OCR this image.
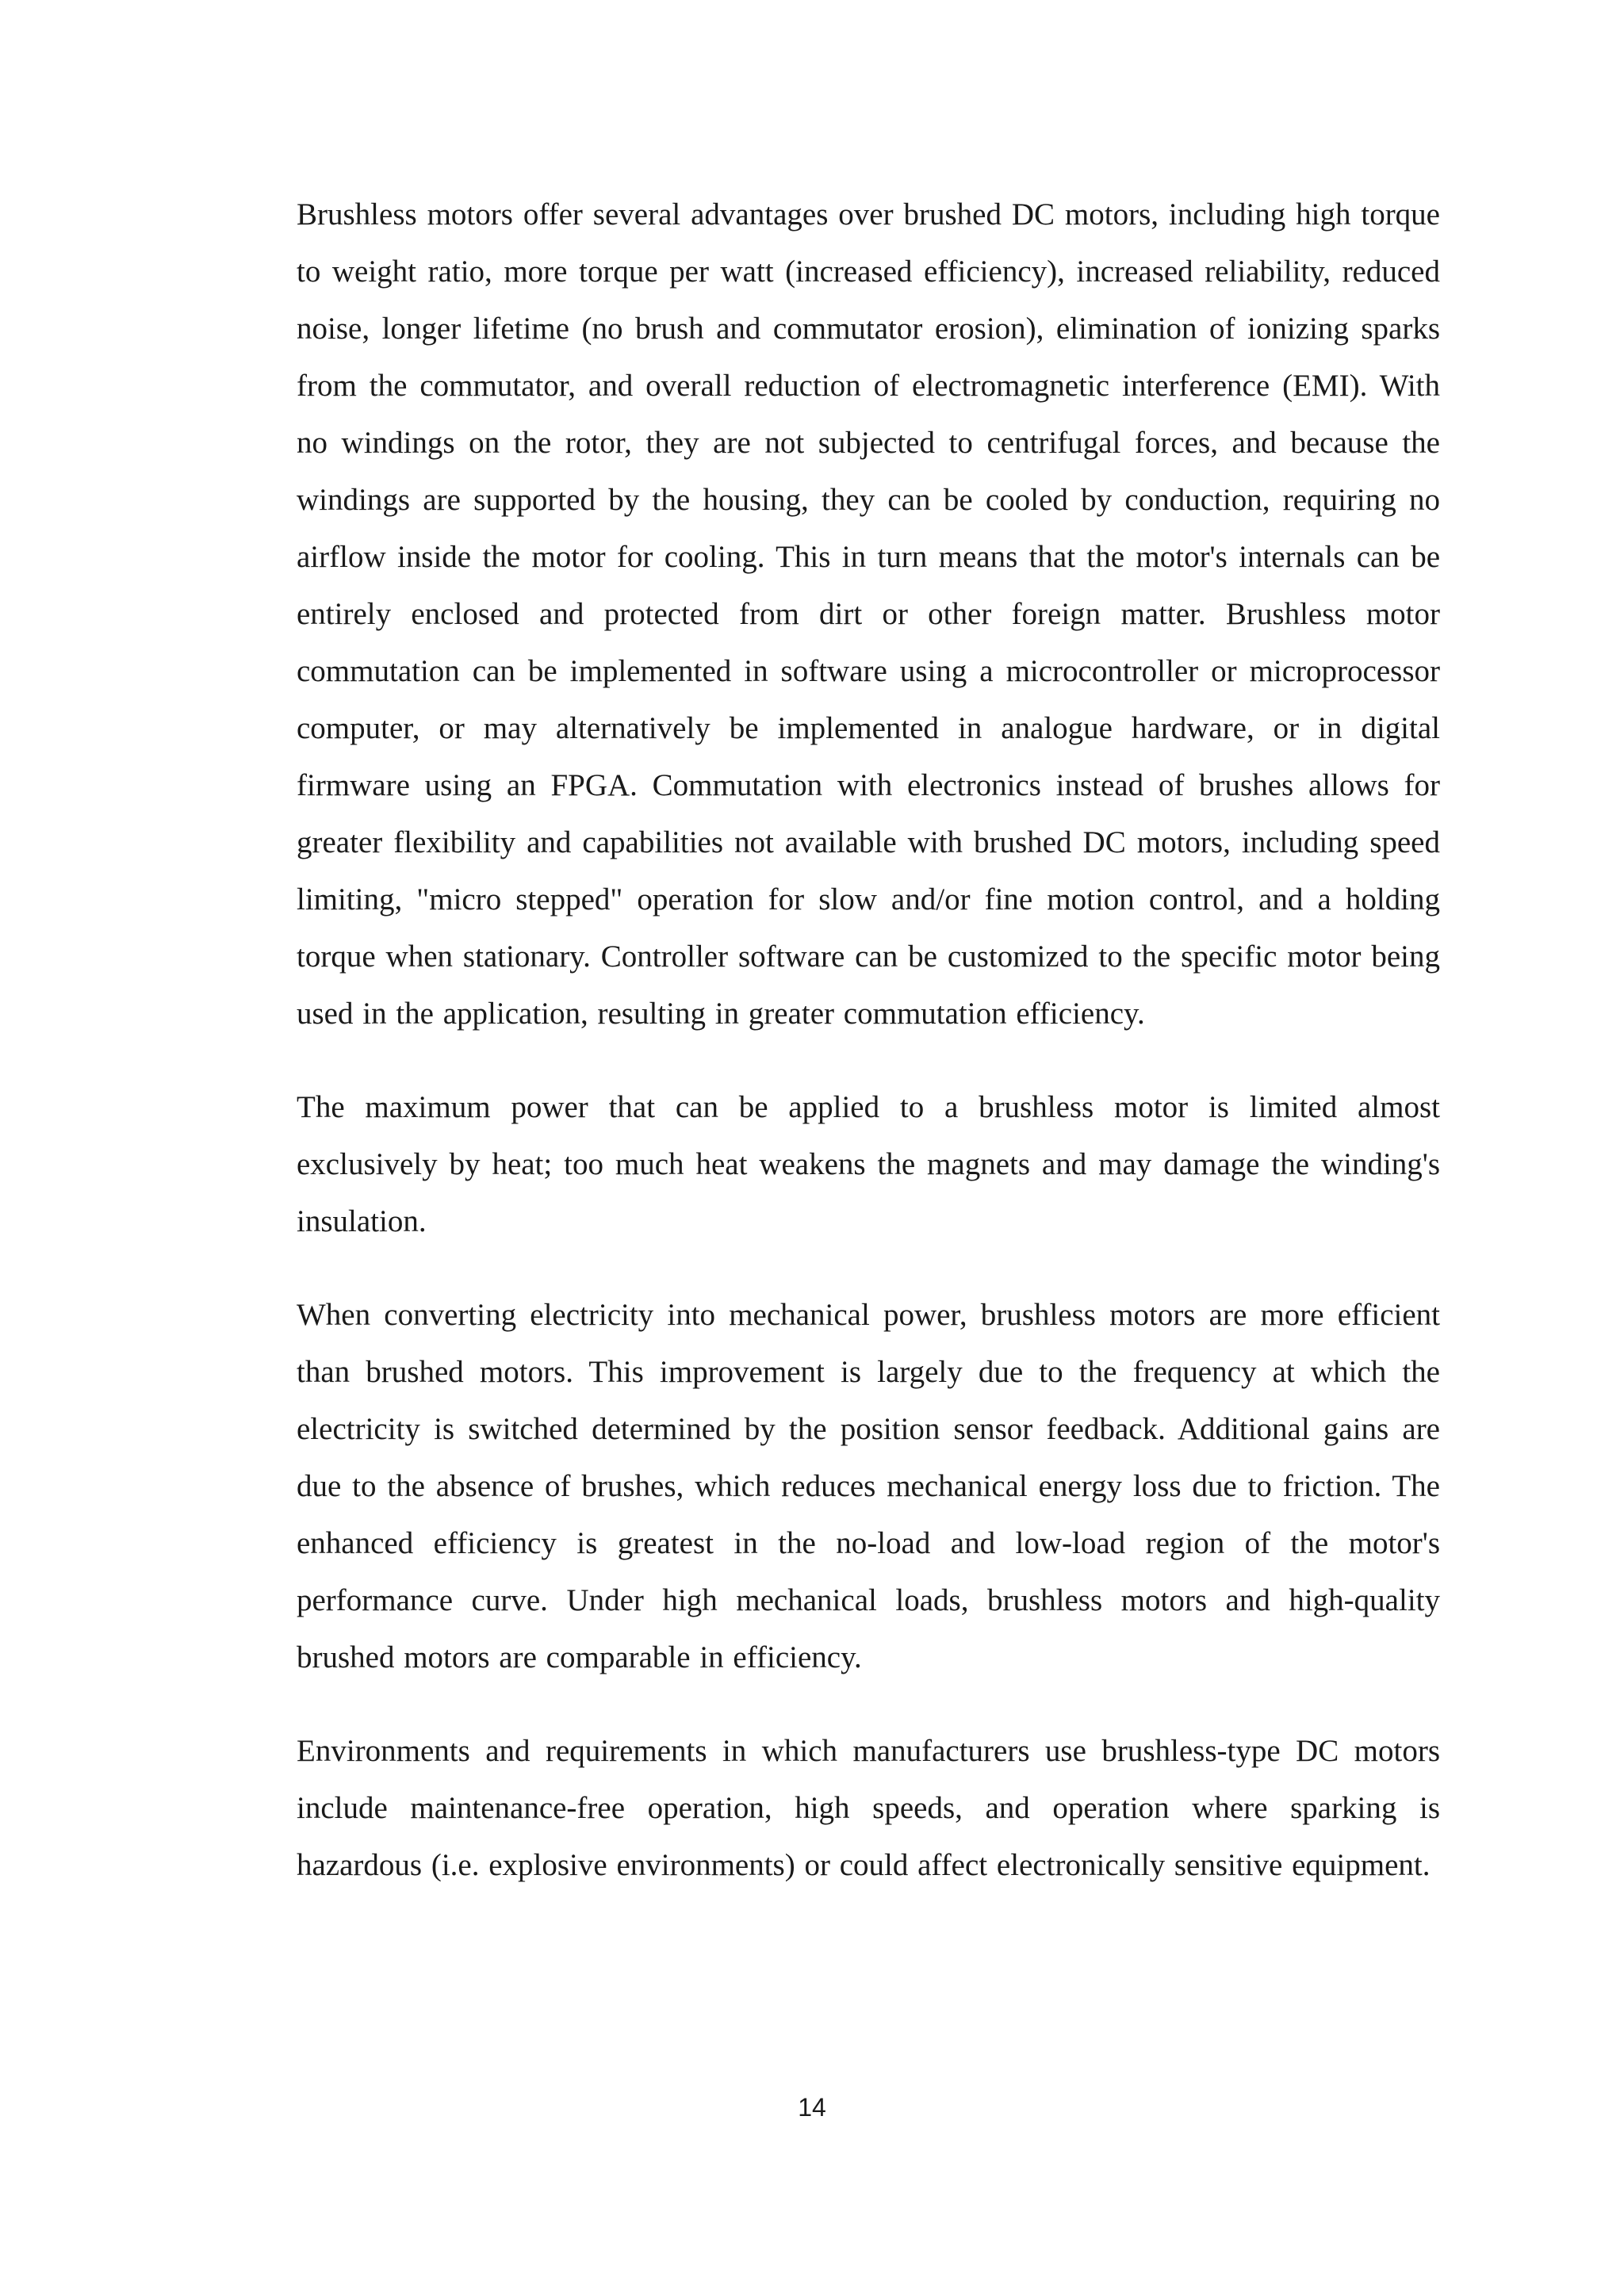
Brushless motors offer several advantages over brushed DC motors, including high torque to weight ratio, more torque per watt (increased efficiency), increased reliability, reduced noise, longer lifetime (no brush and commutator erosion), elimination of ionizing sparks from the commutator, and overall reduction of electromagnetic interference (EMI). With no windings on the rotor, they are not subjected to centrifugal forces, and because the windings are supported by the housing, they can be cooled by conduction, requiring no airflow inside the motor for cooling. This in turn means that the motor's internals can be entirely enclosed and protected from dirt or other foreign matter. Brushless motor commutation can be implemented in software using a microcontroller or microprocessor computer, or may alternatively be implemented in analogue hardware, or in digital firmware using an FPGA. Commutation with electronics instead of brushes allows for greater flexibility and capabilities not available with brushed DC motors, including speed limiting, "micro stepped" operation for slow and/or fine motion control, and a holding torque when stationary. Controller software can be customized to the specific motor being used in the application, resulting in greater commutation efficiency.

The maximum power that can be applied to a brushless motor is limited almost exclusively by heat; too much heat weakens the magnets and may damage the winding's insulation.

When converting electricity into mechanical power, brushless motors are more efficient than brushed motors. This improvement is largely due to the frequency at which the electricity is switched determined by the position sensor feedback. Additional gains are due to the absence of brushes, which reduces mechanical energy loss due to friction. The enhanced efficiency is greatest in the no-load and low-load region of the motor's performance curve. Under high mechanical loads, brushless motors and high-quality brushed motors are comparable in efficiency.

Environments and requirements in which manufacturers use brushless-type DC motors include maintenance-free operation, high speeds, and operation where sparking is hazardous (i.e. explosive environments) or could affect electronically sensitive equipment.

14
